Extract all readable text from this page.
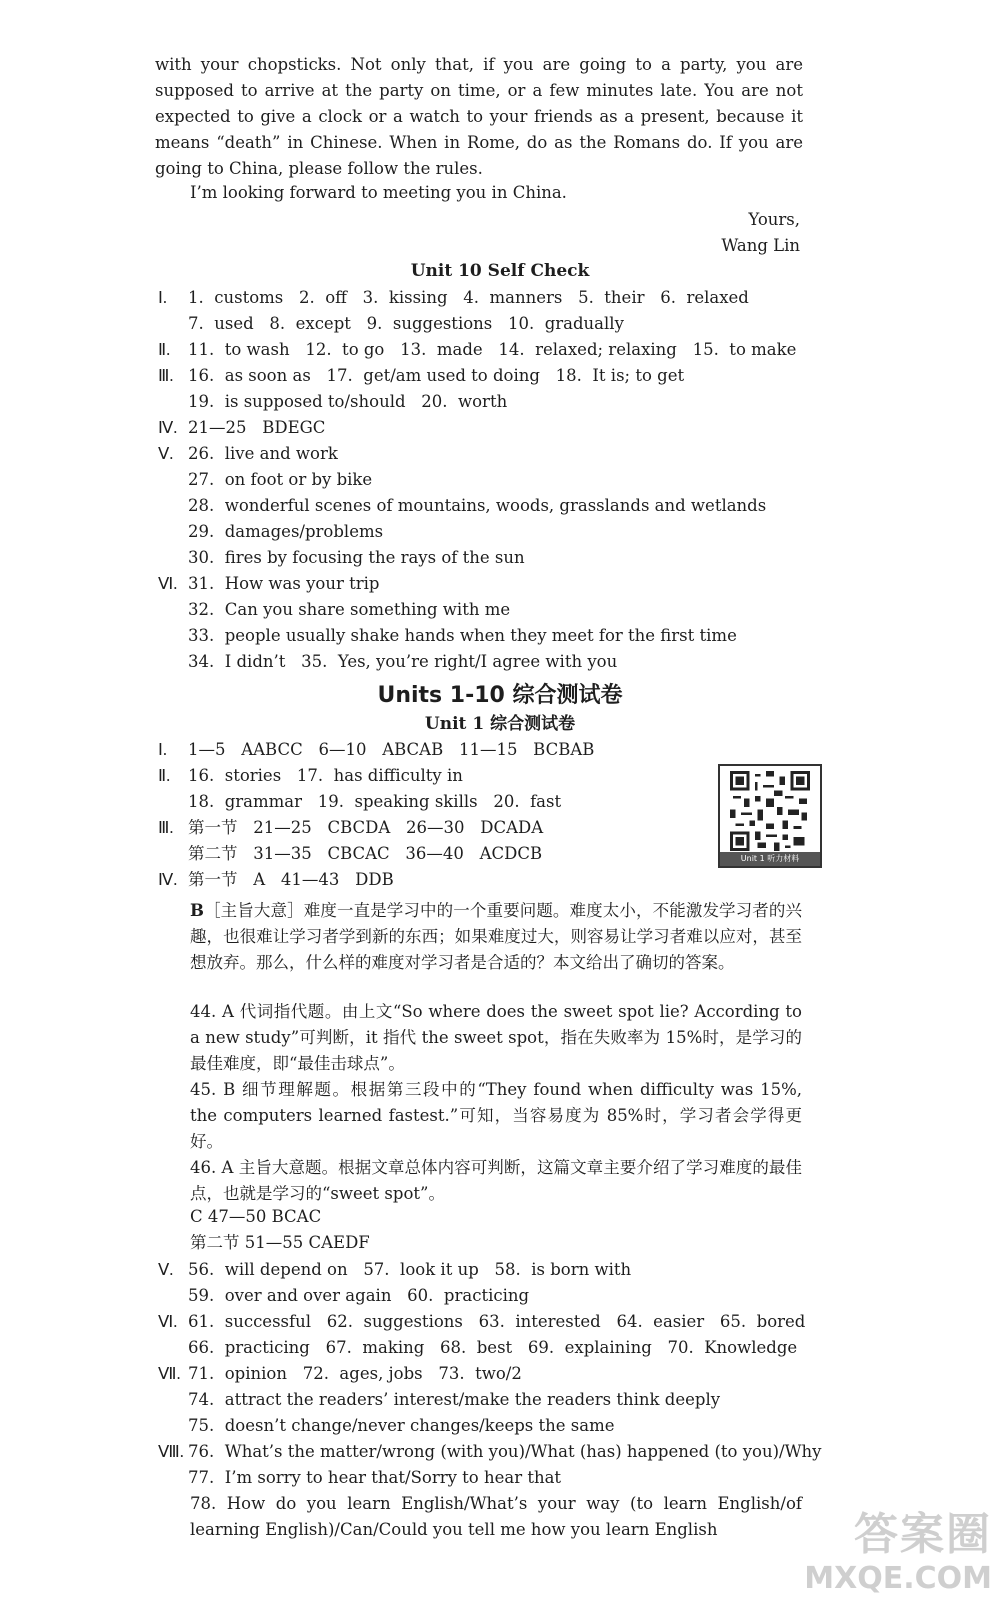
with your chopsticks. Not only that, if you are going to a party, you are supposed to arrive at the party on time, or a few minutes late. You are not expected to give a clock or a watch to your friends as a present, because it means “death” in Chinese. When in Rome, do as the Romans do. If you are going to China, please follow the rules.
I’m looking forward to meeting you in China.
Yours,
Wang Lin
Unit 10 Self Check
Ⅰ. 1.  customs   2.  off   3.  kissing   4.  manners   5.  their   6.  relaxed
7.  used   8.  except   9.  suggestions   10.  gradually
Ⅱ. 11.  to wash   12.  to go   13.  made   14.  relaxed; relaxing   15.  to make
Ⅲ. 16.  as soon as   17.  get/am used to doing   18.  It is; to get
19.  is supposed to/should   20.  worth
Ⅳ. 21—25   BDEGC
Ⅴ. 26.  live and work
27.  on foot or by bike
28.  wonderful scenes of mountains, woods, grasslands and wetlands
29.  damages/problems
30.  fires by focusing the rays of the sun
Ⅵ. 31.  How was your trip
32.  Can you share something with me
33.  people usually shake hands when they meet for the first time
34.  I didn’t   35.  Yes, you’re right/I agree with you
Units 1-10 综合测试卷
Unit 1 综合测试卷
Ⅰ. 1—5   AABCC   6—10   ABCAB   11—15   BCBAB
Ⅱ. 16.  stories   17.  has difficulty in
18.  grammar   19.  speaking skills   20.  fast
Ⅲ. 第一节   21—25   CBCDA   26—30   DCADA
第二节   31—35   CBCAC   36—40   ACDCB
Ⅳ. 第一节   A   41—43   DDB
Unit 1 听力材料
B［主旨大意］难度一直是学习中的一个重要问题。难度太小，不能激发学习者的兴趣，也很难让学习者学到新的东西；如果难度过大，则容易让学习者难以应对，甚至想放弃。那么，什么样的难度对学习者是合适的？本文给出了确切的答案。
44. A 代词指代题。由上文“So where does the sweet spot lie? According to a new study”可判断，it 指代 the sweet spot，指在失败率为 15%时，是学习的最佳难度，即“最佳击球点”。
45. B 细节理解题。根据第三段中的“They found when difficulty was 15%, the computers learned fastest.”可知，当容易度为 85%时，学习者会学得更好。
46. A 主旨大意题。根据文章总体内容可判断，这篇文章主要介绍了学习难度的最佳点，也就是学习的“sweet spot”。
C 47—50 BCAC
第二节 51—55 CAEDF
Ⅴ. 56.  will depend on   57.  look it up   58.  is born with
59.  over and over again   60.  practicing
Ⅵ. 61.  successful   62.  suggestions   63.  interested   64.  easier   65.  bored
66.  practicing   67.  making   68.  best   69.  explaining   70.  Knowledge
Ⅶ. 71.  opinion   72.  ages, jobs   73.  two/2
74.  attract the readers’ interest/make the readers think deeply
75.  doesn’t change/never changes/keeps the same
Ⅷ. 76.  What’s the matter/wrong (with you)/What (has) happened (to you)/Why
77.  I’m sorry to hear that/Sorry to hear that
78. How do you learn English/What’s your way (to learn English/of learning English)/Can/Could you tell me how you learn English	答案圈
MXQE.COM
